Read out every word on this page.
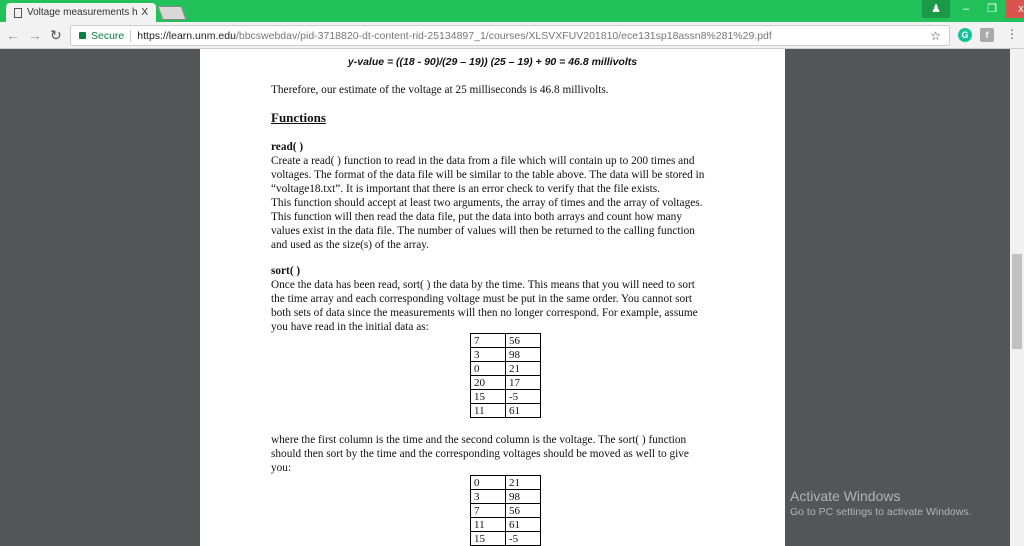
Voltage measurements h X	♟	–	❐	x
← → ↻	Secure	https://learn.unm.edu /bbcswebdav/pid-3718820-dt-content-rid-25134897_1/courses/XLSVXFUV201810/ece131sp18assn8%281%29.pdf	☆	G	f	⋮
y-value = ((18 - 90)/(29 – 19)) (25 – 19) + 90 = 46.8 millivolts
Therefore, our estimate of the voltage at 25 milliseconds is 46.8 millivolts.
Functions
read( )
Create a read( ) function to read in the data from a file which will contain up to 200 times and
voltages. The format of the data file will be similar to the table above. The data will be stored in
“voltage18.txt”. It is important that there is an error check to verify that the file exists.
This function should accept at least two arguments, the array of times and the array of voltages.
This function will then read the data file, put the data into both arrays and count how many
values exist in the data file. The number of values will then be returned to the calling function
and used as the size(s) of the array.
sort( )
Once the data has been read, sort( ) the data by the time. This means that you will need to sort
the time array and each corresponding voltage must be put in the same order. You cannot sort
both sets of data since the measurements will then no longer correspond. For example, assume
you have read in the initial data as:
7	56
3	98
0	21
20	17
15	-5
11	61
where the first column is the time and the second column is the voltage. The sort( ) function
should then sort by the time and the corresponding voltages should be moved as well to give
you:
0	21
3	98
7	56
11	61
15	-5
Activate Windows
Go to PC settings to activate Windows.
